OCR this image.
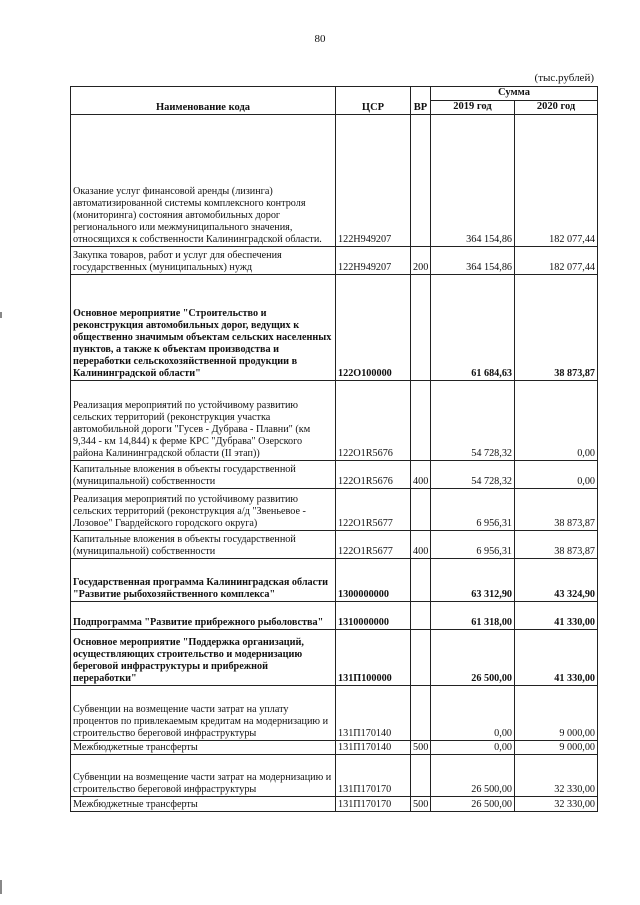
80
(тыс.рублей)
Наименование кода	ЦСР	ВР	Сумма	
			2019 год	2020 год
Оказание услуг финансовой аренды (лизинга) автоматизированной системы комплексного контроля (мониторинга) состояния автомобильных дорог регионального или межмуниципального значения, относящихся к собственности Калининградской области.	122Н949207		364 154,86	182 077,44
Закупка товаров, работ и услуг для обеспечения государственных (муниципальных) нужд	122Н949207	200	364 154,86	182 077,44
Основное мероприятие "Строительство и реконструкция автомобильных дорог, ведущих к общественно значимым объектам сельских населенных пунктов, а также к объектам производства и переработки сельскохозяйственной продукции в Калининградской области"	122О100000		61 684,63	38 873,87
Реализация мероприятий по устойчивому развитию сельских территорий (реконструкция участка автомобильной дороги "Гусев - Дубрава - Плавни" (км 9,344 - км 14,844) к ферме КРС "Дубрава" Озерского района Калининградской области (II этап))	122О1R5676		54 728,32	0,00
Капитальные вложения в объекты государственной (муниципальной) собственности	122О1R5676	400	54 728,32	0,00
Реализация мероприятий по устойчивому развитию сельских территорий (реконструкция а/д "Звеньевое - Лозовое" Гвардейского городского округа)	122О1R5677		6 956,31	38 873,87
Капитальные вложения в объекты государственной (муниципальной) собственности	122О1R5677	400	6 956,31	38 873,87
Государственная программа Калининградская области "Развитие рыбохозяйственного комплекса"	1300000000		63 312,90	43 324,90
Подпрограмма "Развитие прибрежного рыболовства"	1310000000		61 318,00	41 330,00
Основное мероприятие "Поддержка организаций, осуществляющих строительство и модернизацию береговой инфраструктуры и прибрежной переработки"	131П100000		26 500,00	41 330,00
Субвенции на возмещение части затрат на уплату процентов по привлекаемым кредитам на модернизацию и строительство береговой инфраструктуры	131П170140		0,00	9 000,00
Межбюджетные трансферты	131П170140	500	0,00	9 000,00
Субвенции на возмещение части затрат на модернизацию и строительство береговой инфраструктуры	131П170170		26 500,00	32 330,00
Межбюджетные трансферты	131П170170	500	26 500,00	32 330,00
